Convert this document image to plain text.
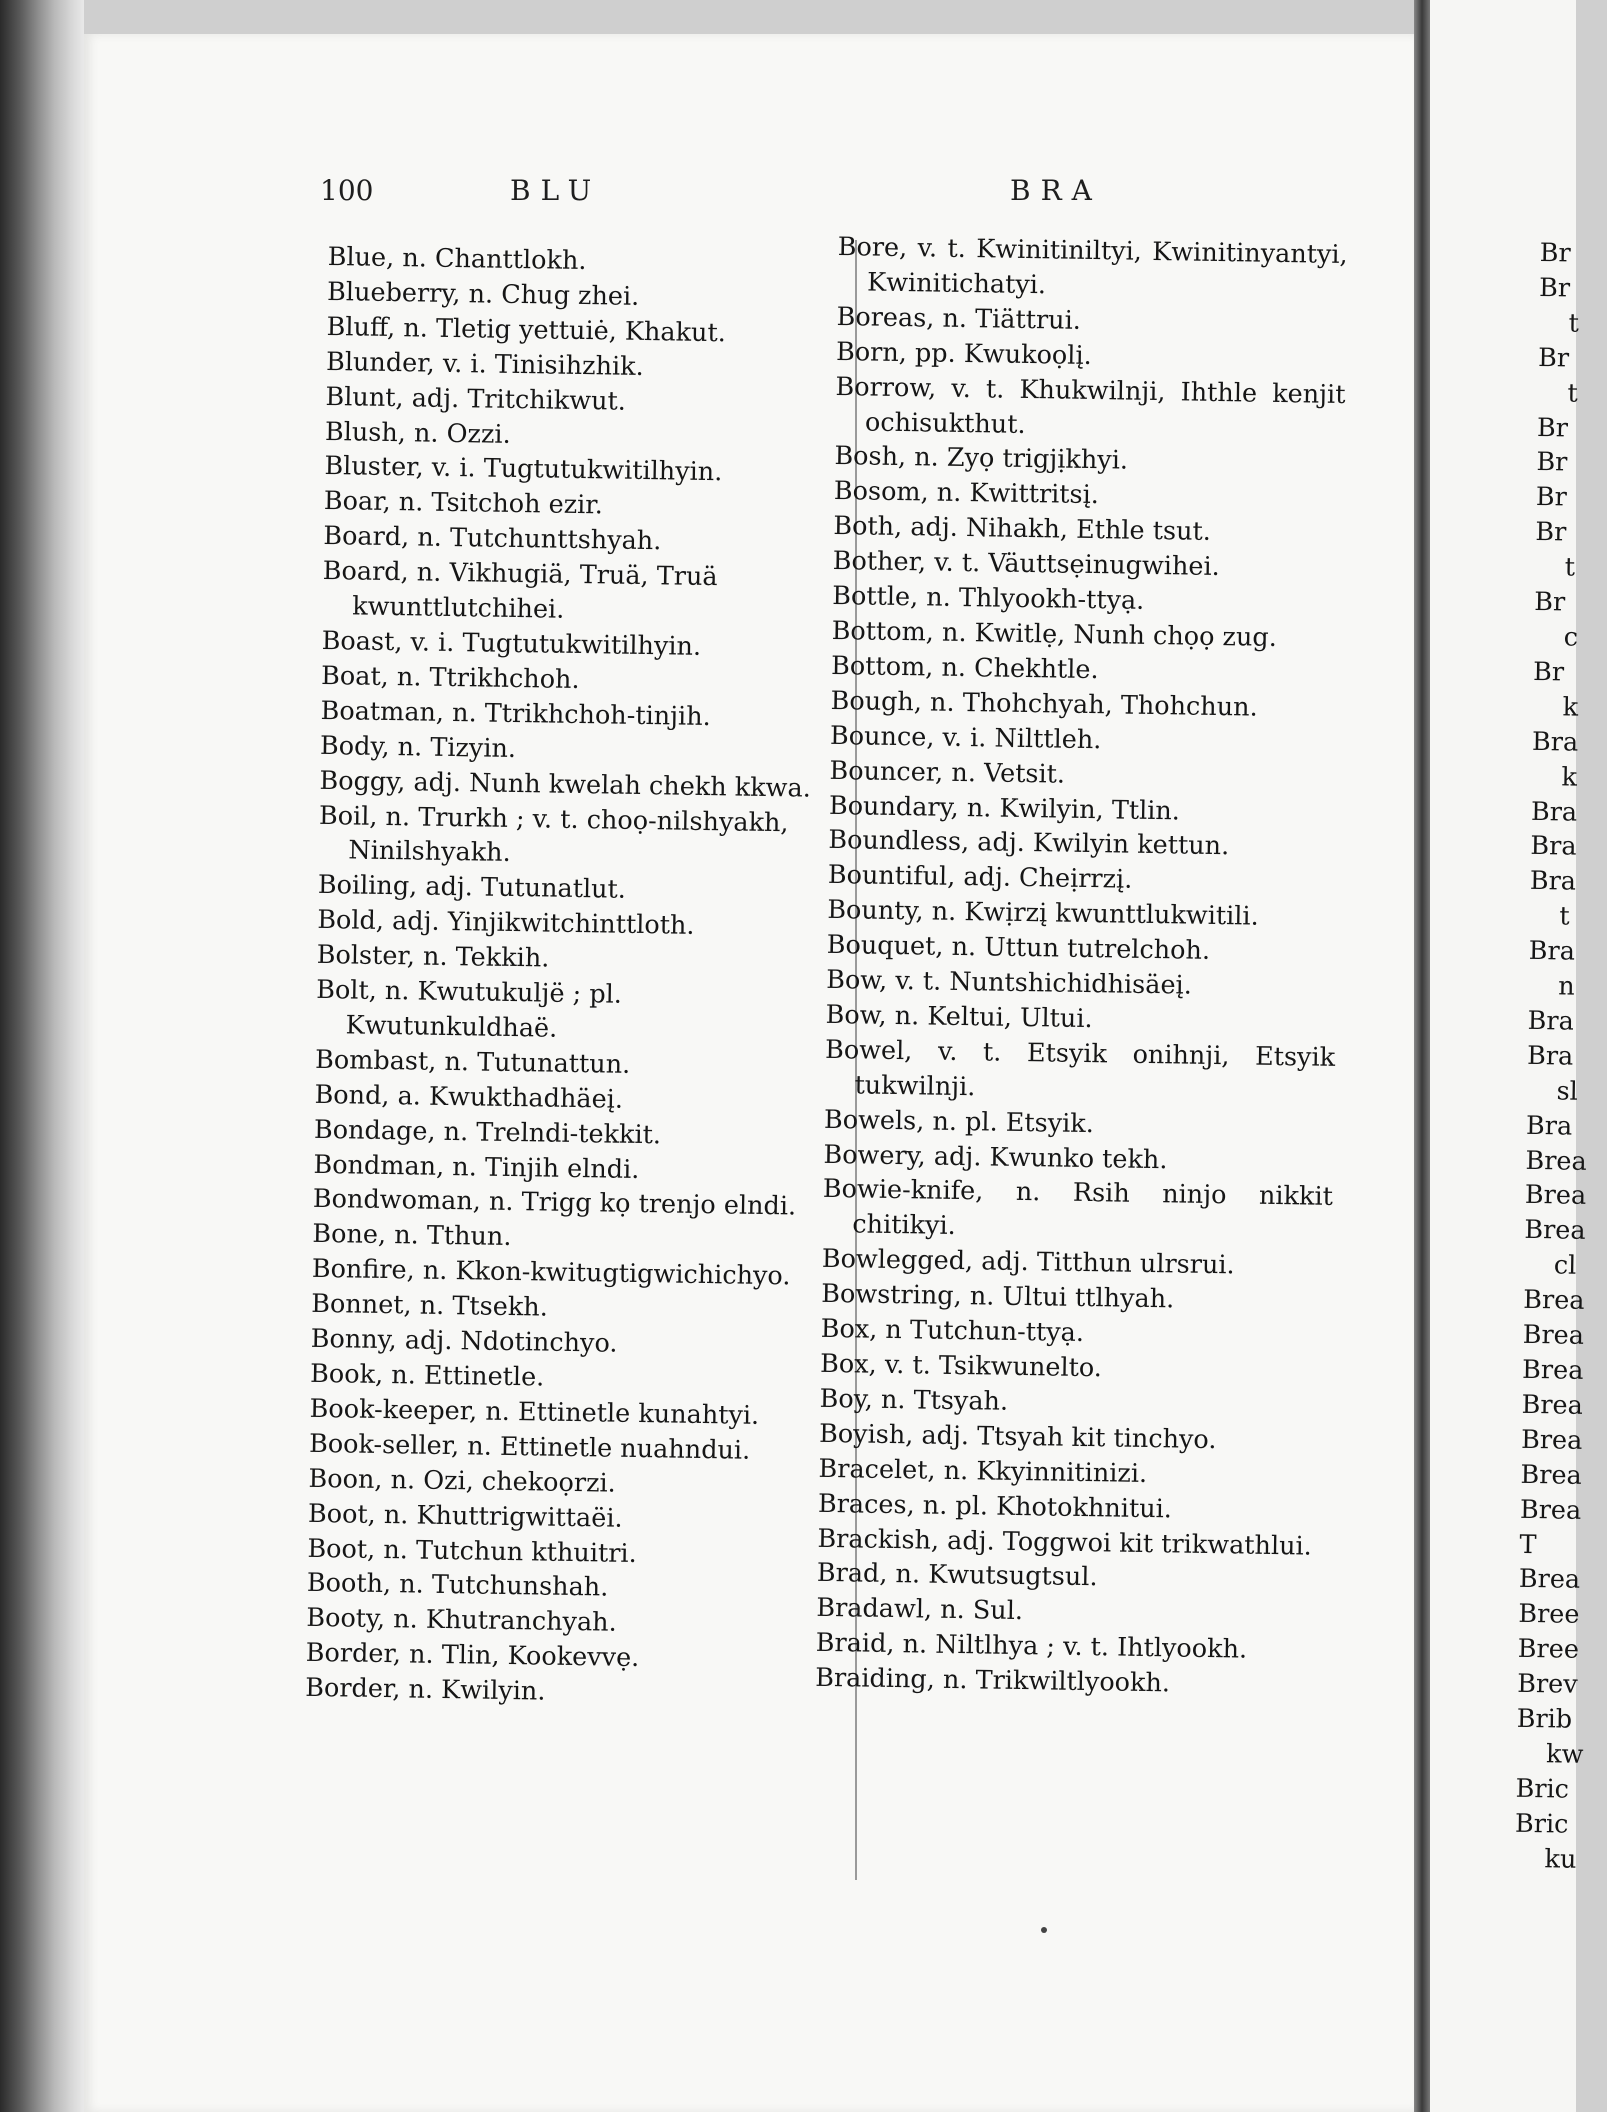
100	BLU	BRA
Blue, n. Chanttlokh.
Blueberry, n. Chug zhei.
Bluff, n. Tletig yettuiė, Khakut.
Blunder, v. i. Tinisihzhik.
Blunt, adj. Tritchikwut.
Blush, n. Ozzi.
Bluster, v. i. Tugtutukwitilhyin.
Boar, n. Tsitchoh ezir.
Board, n. Tutchunttshyah.
Board, n. Vikhugiä, Truä, Truä kwunttlutchihei.
Boast, v. i. Tugtutukwitilhyin.
Boat, n. Ttrikhchoh.
Boatman, n. Ttrikhchoh-tinjih.
Body, n. Tizyin.
Boggy, adj. Nunh kwelah chekh kkwa.
Boil, n. Trurkh ; v. t. choọ-nilshyakh, Ninilshyakh.
Boiling, adj. Tutunatlut.
Bold, adj. Yinjikwitchinttloth.
Bolster, n. Tekkih.
Bolt, n. Kwutukuljë ; pl. Kwutunkuldhaë.
Bombast, n. Tutunattun.
Bond, a. Kwukthadhäeį.
Bondage, n. Trelndi-tekkit.
Bondman, n. Tinjih elndi.
Bondwoman, n. Trigg kọ trenjo elndi.
Bone, n. Tthun.
Bonfire, n. Kkon-kwitugtigwichichyo.
Bonnet, n. Ttsekh.
Bonny, adj. Ndotinchyo.
Book, n. Ettinetle.
Book-keeper, n. Ettinetle kunahtyi.
Book-seller, n. Ettinetle nuahndui.
Boon, n. Ozi, chekoọrzi.
Boot, n. Khuttrigwittaëi.
Boot, n. Tutchun kthuitri.
Booth, n. Tutchunshah.
Booty, n. Khutranchyah.
Border, n. Tlin, Kookevvẹ.
Border, n. Kwilyin.
Bore, v. t. Kwinitiniltyi, Kwinitinyantyi, Kwinitichatyi.
Boreas, n. Tiättrui.
Born, pp. Kwukoọlį.
Borrow, v. t. Khukwilnji, Ihthle kenjit ochisukthut.
Bosh, n. Zyọ trigjịkhyi.
Bosom, n. Kwittritsį.
Both, adj. Nihakh, Ethle tsut.
Bother, v. t. Väuttsẹinugwihei.
Bottle, n. Thlyookh-ttyạ.
Bottom, n. Kwitlẹ, Nunh chọọ zug.
Bottom, n. Chekhtle.
Bough, n. Thohchyah, Thohchun.
Bounce, v. i. Nilttleh.
Bouncer, n. Vetsit.
Boundary, n. Kwilyin, Ttlin.
Boundless, adj. Kwilyin kettun.
Bountiful, adj. Cheịrrzį.
Bounty, n. Kwịrzį kwunttlukwitili.
Bouquet, n. Uttun tutrelchoh.
Bow, v. t. Nuntshichidhisäeį.
Bow, n. Keltui, Ultui.
Bowel, v. t. Etsyik onihnji, Etsyik tukwilnji.
Bowels, n. pl. Etsyik.
Bowery, adj. Kwunko tekh.
Bowie-knife, n. Rsih ninjo nikkit chitikyi.
Bowlegged, adj. Titthun ulrsrui.
Bowstring, n. Ultui ttlhyah.
Box, n Tutchun-ttyạ.
Box, v. t. Tsikwunelto.
Boy, n. Ttsyah.
Boyish, adj. Ttsyah kit tinchyo.
Bracelet, n. Kkyinnitinizi.
Braces, n. pl. Khotokhnitui.
Brackish, adj. Toggwoi kit trikwathlui.
Brad, n. Kwutsugtsul.
Bradawl, n. Sul.
Braid, n. Niltlhya ; v. t. Ihtlyookh.
Braiding, n. Trikwiltlyookh.
Br
Br
t
Br
t
Br
Br
Br
Br
t
Br
c
Br
k
Bra
k
Bra
Bra
Bra
t
Bra
n
Bra
Bra
sl
Bra
Brea
Brea
Brea
cl
Brea
Brea
Brea
Brea
Brea
Brea
Brea
T
Brea
Bree
Bree
Brev
Brib
kw
Bric
Bric
ku
